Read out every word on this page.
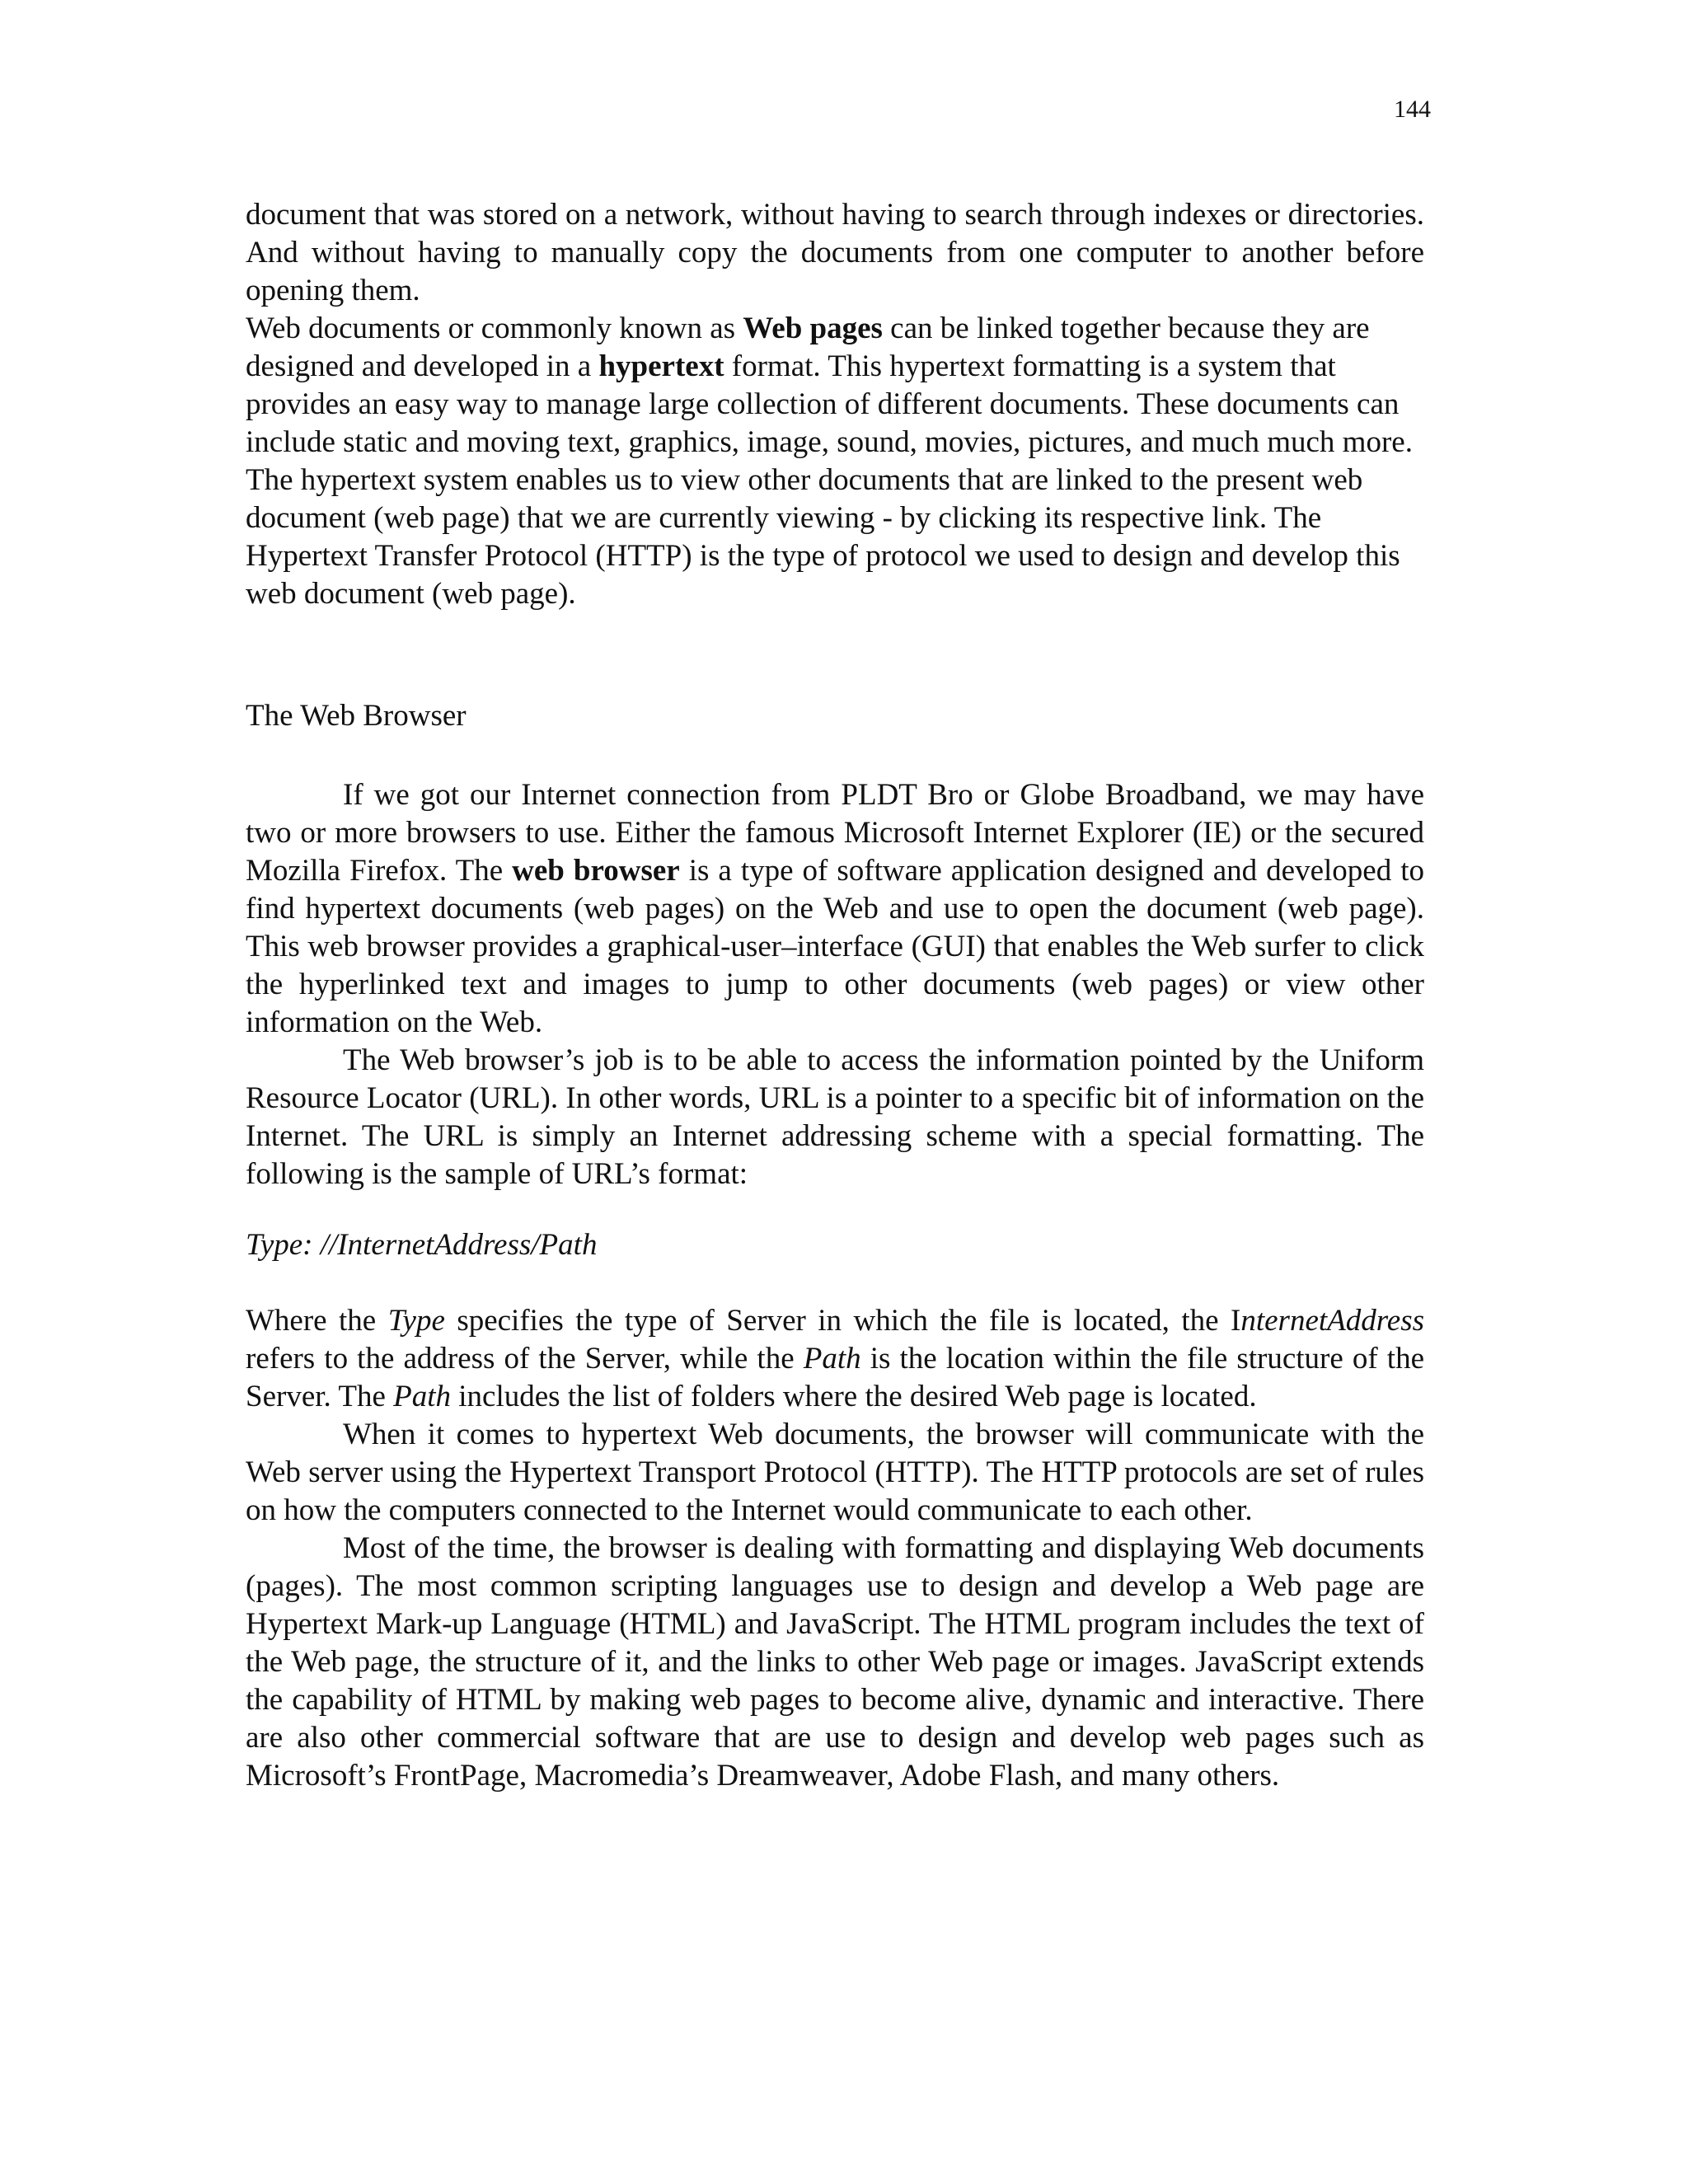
144

document that was stored on a network, without having to search through indexes or directories. And without having to manually copy the documents from one computer to another before opening them.

Web documents or commonly known as Web pages can be linked together because they are designed and developed in a hypertext format. This hypertext formatting is a system that provides an easy way to manage large collection of different documents. These documents can include static and moving text, graphics, image, sound, movies, pictures, and much much more. The hypertext system enables us to view other documents that are linked to the present web document (web page) that we are currently viewing - by clicking its respective link. The Hypertext Transfer Protocol (HTTP) is the type of protocol we used to design and develop this web document (web page).

The Web Browser

If we got our Internet connection from PLDT Bro or Globe Broadband, we may have two or more browsers to use. Either the famous Microsoft Internet Explorer (IE) or the secured Mozilla Firefox. The web browser is a type of software application designed and developed to find hypertext documents (web pages) on the Web and use to open the document (web page). This web browser provides a graphical-user–interface (GUI) that enables the Web surfer to click the hyperlinked text and images to jump to other documents (web pages) or view other information on the Web.

The Web browser’s job is to be able to access the information pointed by the Uniform Resource Locator (URL). In other words, URL is a pointer to a specific bit of information on the Internet. The URL is simply an Internet addressing scheme with a special formatting. The following is the sample of URL’s format:

Type: //InternetAddress/Path

Where the Type specifies the type of Server in which the file is located, the InternetAddress refers to the address of the Server, while the Path is the location within the file structure of the Server. The Path includes the list of folders where the desired Web page is located.

When it comes to hypertext Web documents, the browser will communicate with the Web server using the Hypertext Transport Protocol (HTTP). The HTTP protocols are set of rules on how the computers connected to the Internet would communicate to each other.

Most of the time, the browser is dealing with formatting and displaying Web documents (pages). The most common scripting languages use to design and develop a Web page are Hypertext Mark-up Language (HTML) and JavaScript. The HTML program includes the text of the Web page, the structure of it, and the links to other Web page or images. JavaScript extends the capability of HTML by making web pages to become alive, dynamic and interactive. There are also other commercial software that are use to design and develop web pages such as Microsoft’s FrontPage, Macromedia’s Dreamweaver, Adobe Flash, and many others.
